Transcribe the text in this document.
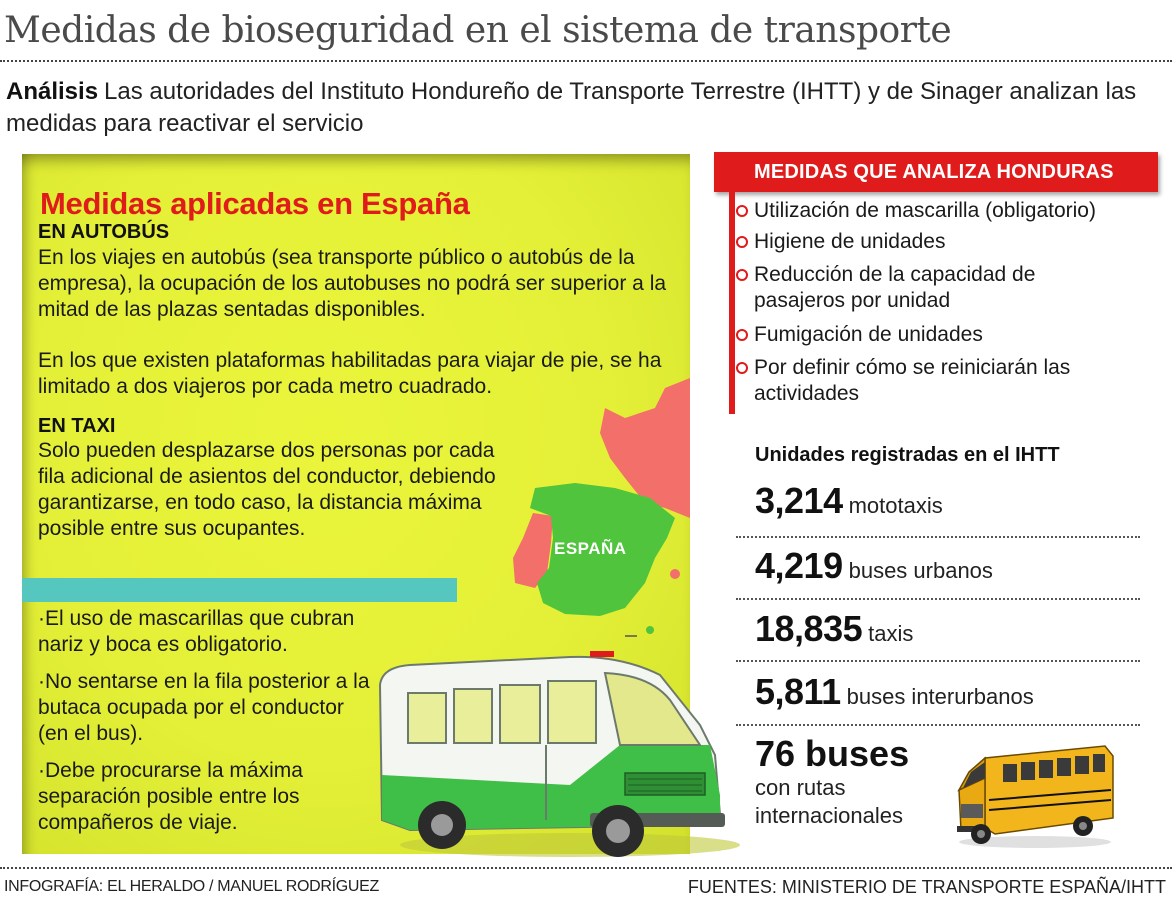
Medidas de bioseguridad en el sistema de transporte
Análisis Las autoridades del Instituto Hondureño de Transporte Terrestre (IHTT) y de Sinager analizan las medidas para reactivar el servicio
ESPAÑA
Medidas aplicadas en España
EN AUTOBÚS
En los viajes en autobús (sea transporte público o autobús de la empresa), la ocupación de los autobuses no podrá ser superior a la mitad de las plazas sentadas disponibles.
En los que existen plataformas habilitadas para viajar de pie, se ha limitado a dos viajeros por cada metro cuadrado.
EN TAXI
Solo pueden desplazarse dos personas por cada fila adicional de asientos del conductor, debiendo garantizarse, en todo caso, la distancia máxima posible entre sus ocupantes.
·El uso de mascarillas que cubran nariz y boca es obligatorio.
·No sentarse en la fila posterior a la butaca ocupada por el conductor (en el bus).
·Debe procurarse la máxima separación posible entre los compañeros de viaje.
MEDIDAS QUE ANALIZA HONDURAS
Utilización de mascarilla (obligatorio)
Higiene de unidades
Reducción de la capacidad de pasajeros por unidad
Fumigación de unidades
Por definir cómo se reiniciarán las actividades
Unidades registradas en el IHTT
3,214 mototaxis
4,219 buses urbanos
18,835 taxis
5,811 buses interurbanos
76 buses
con rutas internacionales
INFOGRAFÍA: EL HERALDO / MANUEL RODRÍGUEZ	FUENTES: MINISTERIO DE TRANSPORTE ESPAÑA/IHTT
